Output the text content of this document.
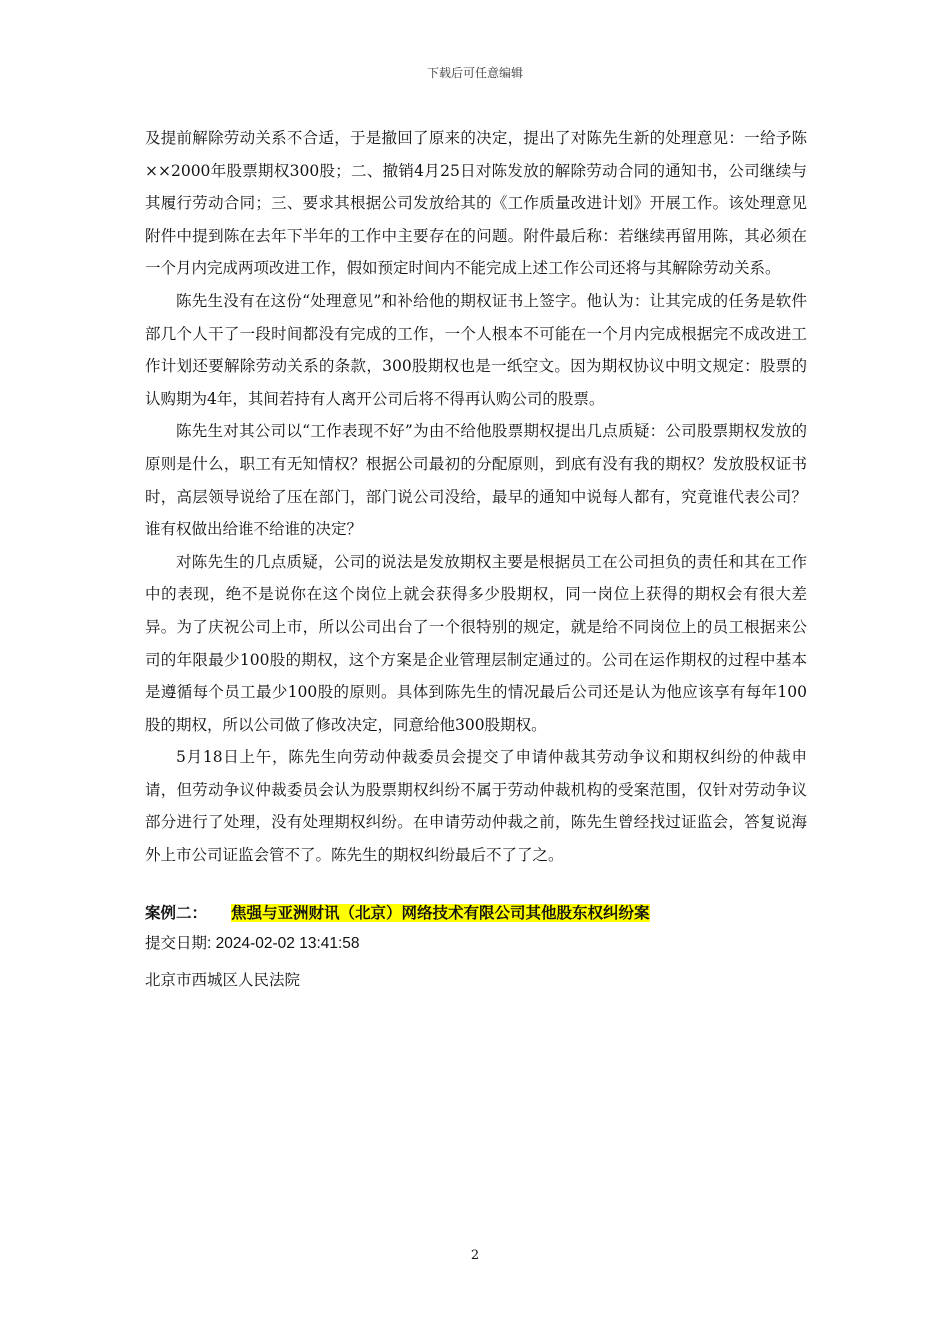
下载后可任意编辑

及提前解除劳动关系不合适，于是撤回了原来的决定，提出了对陈先生新的处理意见：一给予陈××2000年股票期权300股；二、撤销4月25日对陈发放的解除劳动合同的通知书，公司继续与其履行劳动合同；三、要求其根据公司发放给其的《工作质量改进计划》开展工作。该处理意见附件中提到陈在去年下半年的工作中主要存在的问题。附件最后称：若继续再留用陈，其必须在一个月内完成两项改进工作，假如预定时间内不能完成上述工作公司还将与其解除劳动关系。

陈先生没有在这份“处理意见”和补给他的期权证书上签字。他认为：让其完成的任务是软件部几个人干了一段时间都没有完成的工作，一个人根本不可能在一个月内完成根据完不成改进工作计划还要解除劳动关系的条款，300股期权也是一纸空文。因为期权协议中明文规定：股票的认购期为4年，其间若持有人离开公司后将不得再认购公司的股票。

陈先生对其公司以“工作表现不好”为由不给他股票期权提出几点质疑：公司股票期权发放的原则是什么，职工有无知情权？根据公司最初的分配原则，到底有没有我的期权？发放股权证书时，高层领导说给了压在部门，部门说公司没给，最早的通知中说每人都有，究竟谁代表公司？谁有权做出给谁不给谁的决定？

对陈先生的几点质疑，公司的说法是发放期权主要是根据员工在公司担负的责任和其在工作中的表现，绝不是说你在这个岗位上就会获得多少股期权，同一岗位上获得的期权会有很大差异。为了庆祝公司上市，所以公司出台了一个很特别的规定，就是给不同岗位上的员工根据来公司的年限最少100股的期权，这个方案是企业管理层制定通过的。公司在运作期权的过程中基本是遵循每个员工最少100股的原则。具体到陈先生的情况最后公司还是认为他应该享有每年100股的期权，所以公司做了修改决定，同意给他300股期权。

5月18日上午，陈先生向劳动仲裁委员会提交了申请仲裁其劳动争议和期权纠纷的仲裁申请，但劳动争议仲裁委员会认为股票期权纠纷不属于劳动仲裁机构的受案范围，仅针对劳动争议部分进行了处理，没有处理期权纠纷。在申请劳动仲裁之前，陈先生曾经找过证监会，答复说海外上市公司证监会管不了。陈先生的期权纠纷最后不了了之。

案例二： 焦强与亚洲财讯（北京）网络技术有限公司其他股东权纠纷案

提交日期: 2024-02-02 13:41:58

北京市西城区人民法院

2
